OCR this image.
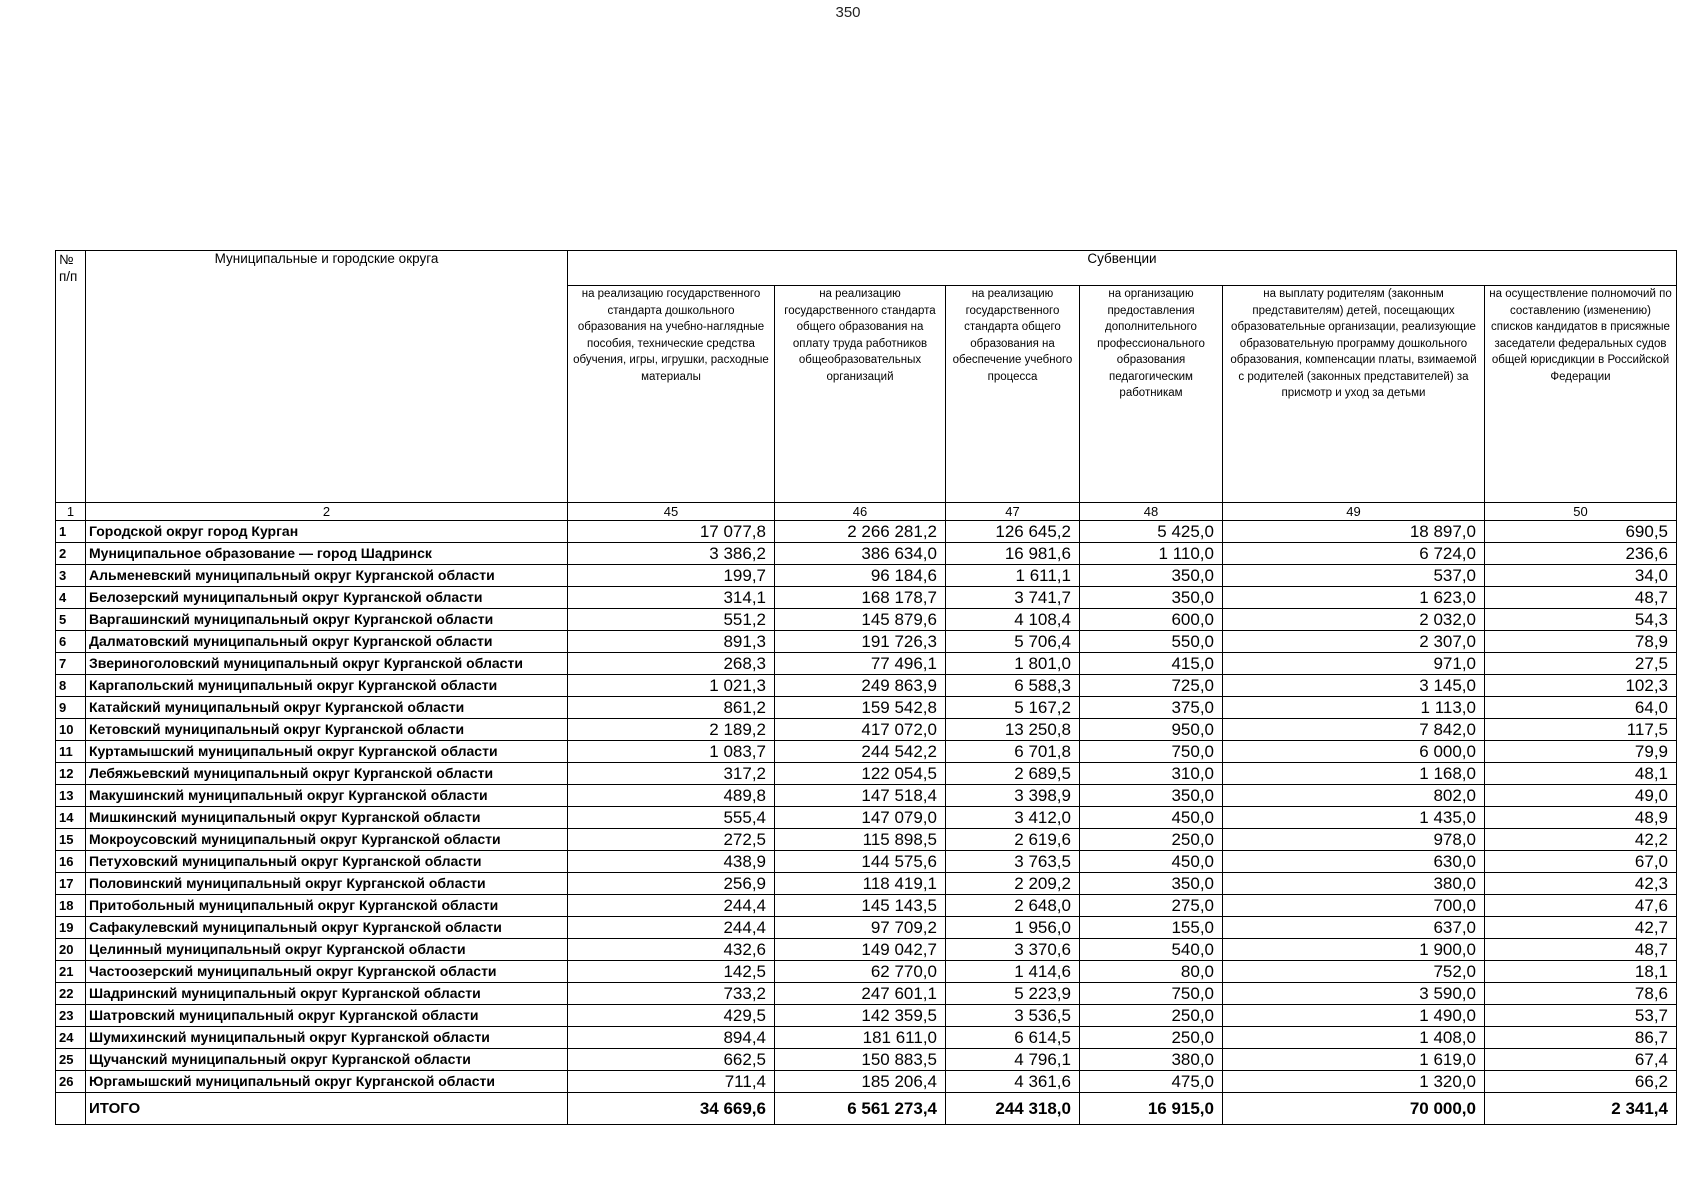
350
№ п/п	Муниципальные и городские округа	Субвенции					
		на реализацию государственного стандарта дошкольного образования на учебно-наглядные пособия, технические средства обучения, игры, игрушки, расходные материалы	на реализацию государственного стандарта общего образования на оплату труда работников общеобразовательных организаций	на реализацию государственного стандарта общего образования на обеспечение учебного процесса	на организацию предоставления дополнительного профессионального образования педагогическим работникам	на выплату родителям (законным представителям) детей, посещающих образовательные организации, реализующие образовательную программу дошкольного образования, компенсации платы, взимаемой с родителей (законных представителей) за присмотр и уход за детьми	на осуществление полномочий по составлению (изменению) списков кандидатов в присяжные заседатели федеральных судов общей юрисдикции в Российской Федерации
1	2	45	46	47	48	49	50
1	Городской округ город Курган	17 077,8	2 266 281,2	126 645,2	5 425,0	18 897,0	690,5
2	Муниципальное образование — город Шадринск	3 386,2	386 634,0	16 981,6	1 110,0	6 724,0	236,6
3	Альменевский муниципальный округ Курганской области	199,7	96 184,6	1 611,1	350,0	537,0	34,0
4	Белозерский муниципальный округ Курганской области	314,1	168 178,7	3 741,7	350,0	1 623,0	48,7
5	Варгашинский муниципальный округ Курганской области	551,2	145 879,6	4 108,4	600,0	2 032,0	54,3
6	Далматовский муниципальный округ Курганской области	891,3	191 726,3	5 706,4	550,0	2 307,0	78,9
7	Звериноголовский муниципальный округ Курганской области	268,3	77 496,1	1 801,0	415,0	971,0	27,5
8	Каргапольский муниципальный округ Курганской области	1 021,3	249 863,9	6 588,3	725,0	3 145,0	102,3
9	Катайский муниципальный округ Курганской области	861,2	159 542,8	5 167,2	375,0	1 113,0	64,0
10	Кетовский муниципальный округ Курганской области	2 189,2	417 072,0	13 250,8	950,0	7 842,0	117,5
11	Куртамышский муниципальный округ Курганской области	1 083,7	244 542,2	6 701,8	750,0	6 000,0	79,9
12	Лебяжьевский муниципальный округ Курганской области	317,2	122 054,5	2 689,5	310,0	1 168,0	48,1
13	Макушинский муниципальный округ Курганской области	489,8	147 518,4	3 398,9	350,0	802,0	49,0
14	Мишкинский муниципальный округ Курганской области	555,4	147 079,0	3 412,0	450,0	1 435,0	48,9
15	Мокроусовский муниципальный округ Курганской области	272,5	115 898,5	2 619,6	250,0	978,0	42,2
16	Петуховский муниципальный округ Курганской области	438,9	144 575,6	3 763,5	450,0	630,0	67,0
17	Половинский муниципальный округ Курганской области	256,9	118 419,1	2 209,2	350,0	380,0	42,3
18	Притобольный муниципальный округ Курганской области	244,4	145 143,5	2 648,0	275,0	700,0	47,6
19	Сафакулевский муниципальный округ Курганской области	244,4	97 709,2	1 956,0	155,0	637,0	42,7
20	Целинный муниципальный округ Курганской области	432,6	149 042,7	3 370,6	540,0	1 900,0	48,7
21	Частоозерский муниципальный округ Курганской области	142,5	62 770,0	1 414,6	80,0	752,0	18,1
22	Шадринский муниципальный округ Курганской области	733,2	247 601,1	5 223,9	750,0	3 590,0	78,6
23	Шатровский муниципальный округ Курганской области	429,5	142 359,5	3 536,5	250,0	1 490,0	53,7
24	Шумихинский муниципальный округ Курганской области	894,4	181 611,0	6 614,5	250,0	1 408,0	86,7
25	Щучанский муниципальный округ Курганской области	662,5	150 883,5	4 796,1	380,0	1 619,0	67,4
26	Юргамышский муниципальный округ Курганской области	711,4	185 206,4	4 361,6	475,0	1 320,0	66,2
	ИТОГО	34 669,6	6 561 273,4	244 318,0	16 915,0	70 000,0	2 341,4
